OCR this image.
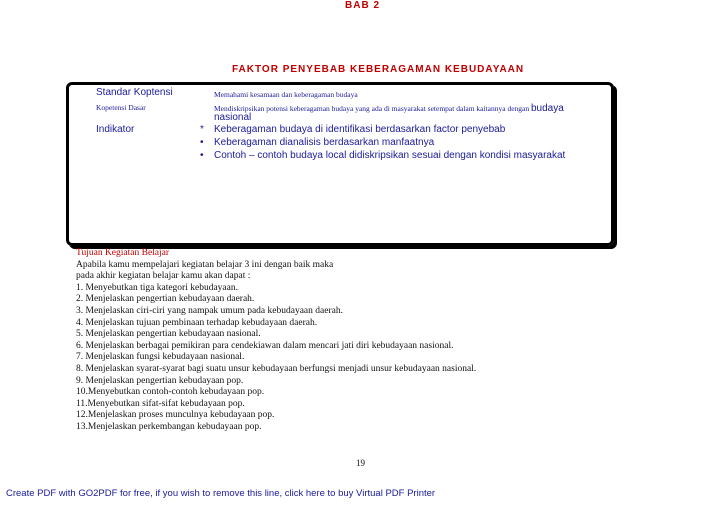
BAB 2
FAKTOR PENYEBAB KEBERAGAMAN KEBUDAYAAN
Standar Koptensi	Memahami kesamaan dan keberagaman budaya
Kopetensi Dasar	Mendiskripsikan potensi keberagaman budaya yang ada di masyarakat setempat dalam kaitannya dengan budaya
nasional
Indikator	* Keberagaman budaya di identifikasi berdasarkan factor penyebab
• Keberagaman dianalisis berdasarkan manfaatnya
• Contoh – contoh budaya local didiskripsikan sesuai dengan kondisi masyarakat
Tujuan Kegiatan Belajar
Apabila kamu mempelajari kegiatan belajar 3 ini dengan baik maka
pada akhir kegiatan belajar kamu akan dapat :
1. Menyebutkan tiga kategori kebudayaan.
2. Menjelaskan pengertian kebudayaan daerah.
3. Menjelaskan ciri-ciri yang nampak umum pada kebudayaan daerah.
4. Menjelaskan tujuan pembinaan terhadap kebudayaan daerah.
5. Menjelaskan pengertian kebudayaan nasional.
6. Menjelaskan berbagai pemikiran para cendekiawan dalam mencari jati diri kebudayaan nasional.
7. Menjelaskan fungsi kebudayaan nasional.
8. Menjelaskan syarat-syarat bagi suatu unsur kebudayaan berfungsi menjadi unsur kebudayaan nasional.
9. Menjelaskan pengertian kebudayaan pop.
10.Menyebutkan contoh-contoh kebudayaan pop.
11.Menyebutkan sifat-sifat kebudayaan pop.
12.Menjelaskan proses munculnya kebudayaan pop.
13.Menjelaskan perkembangan kebudayaan pop.
19
Create PDF with GO2PDF for free, if you wish to remove this line, click here to buy Virtual PDF Printer
